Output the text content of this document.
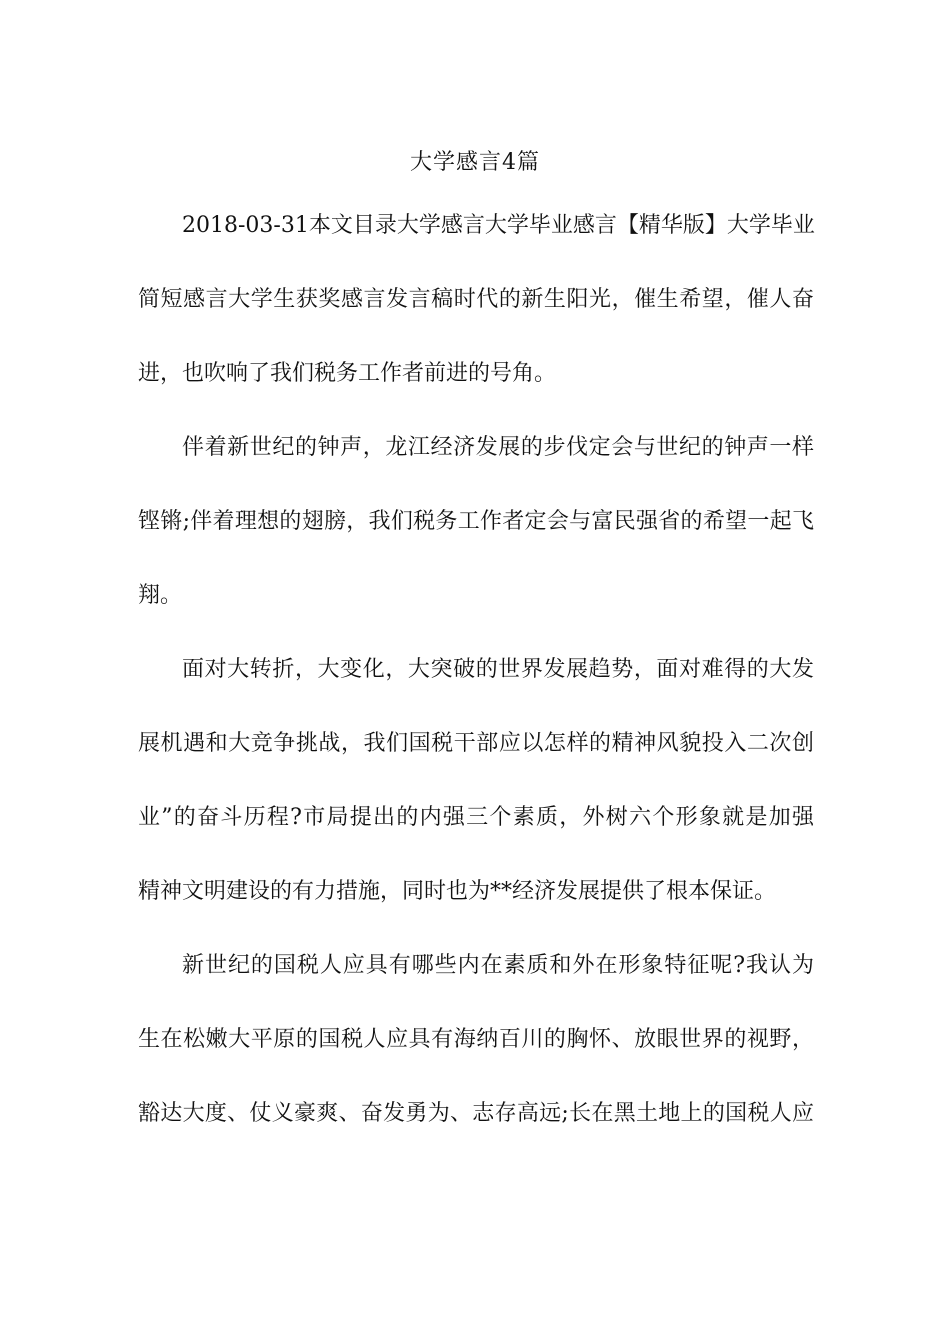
大学感言4篇
2018-03-31本文目录大学感言大学毕业感言【精华版】大学毕业
简短感言大学生获奖感言发言稿时代的新生阳光，催生希望，催人奋
进，也吹响了我们税务工作者前进的号角。
伴着新世纪的钟声，龙江经济发展的步伐定会与世纪的钟声一样
铿锵;伴着理想的翅膀，我们税务工作者定会与富民强省的希望一起飞
翔。
面对大转折，大变化，大突破的世界发展趋势，面对难得的大发
展机遇和大竞争挑战，我们国税干部应以怎样的精神风貌投入二次创
业”的奋斗历程?市局提出的内强三个素质，外树六个形象就是加强
精神文明建设的有力措施，同时也为**经济发展提供了根本保证。
新世纪的国税人应具有哪些内在素质和外在形象特征呢?我认为
生在松嫩大平原的国税人应具有海纳百川的胸怀、放眼世界的视野，
豁达大度、仗义豪爽、奋发勇为、志存高远;长在黑土地上的国税人应
